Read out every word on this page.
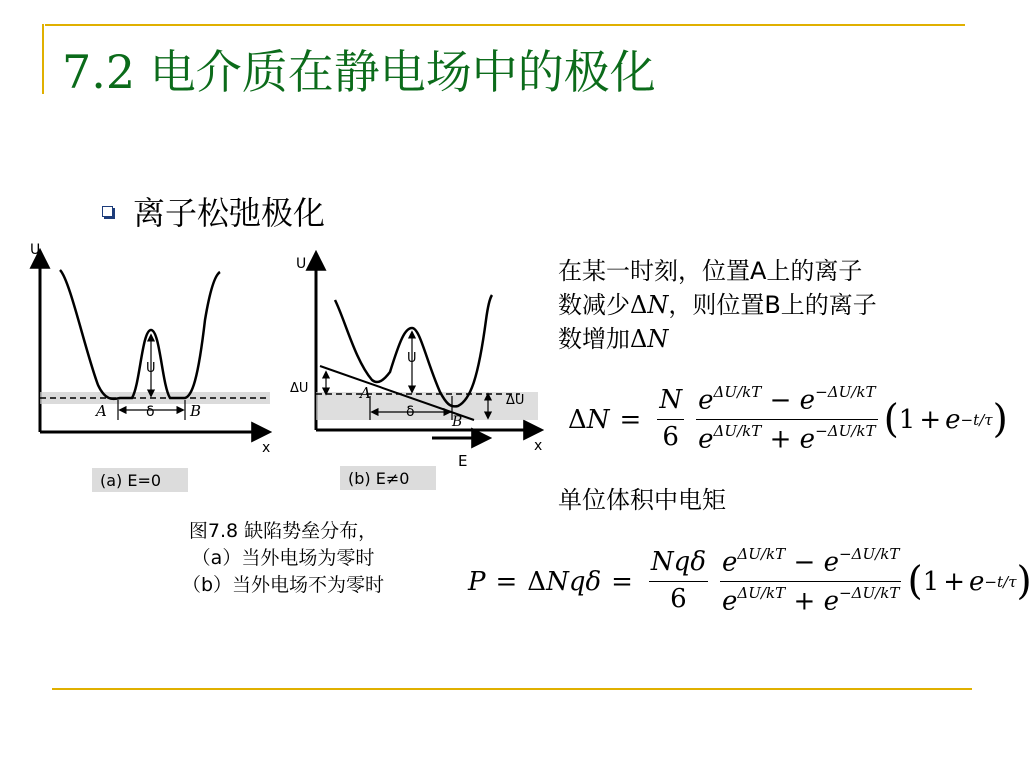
7.2 电介质在静电场中的极化
离子松弛极化
U
x
U
A	B
δ
(a) E=0
U
x
U
A
B
δ
ΔU
ΔU
E
(b) E≠0
图7.8 缺陷势垒分布，
（a）当外电场为零时
（b）当外电场不为零时
在某一时刻，位置A上的离子
数减少ΔN，则位置B上的离子
数增加ΔN
Δ $N = \frac{N}{6} \frac{e^{\Delta U/kT} - e^{-\Delta U/kT}}{e^{\Delta U/kT} + e^{-\Delta U/kT}}$ ( 1 + e −t/τ )
单位体积中电矩
P = Δ $Nq\delta = \frac{\text{Nqδ}}{6} \frac{e^{\Delta U/kT} - e^{-\Delta U/kT}}{e^{\Delta U/kT} + e^{-\Delta U/kT}}$ ( 1 + e −t/τ )
